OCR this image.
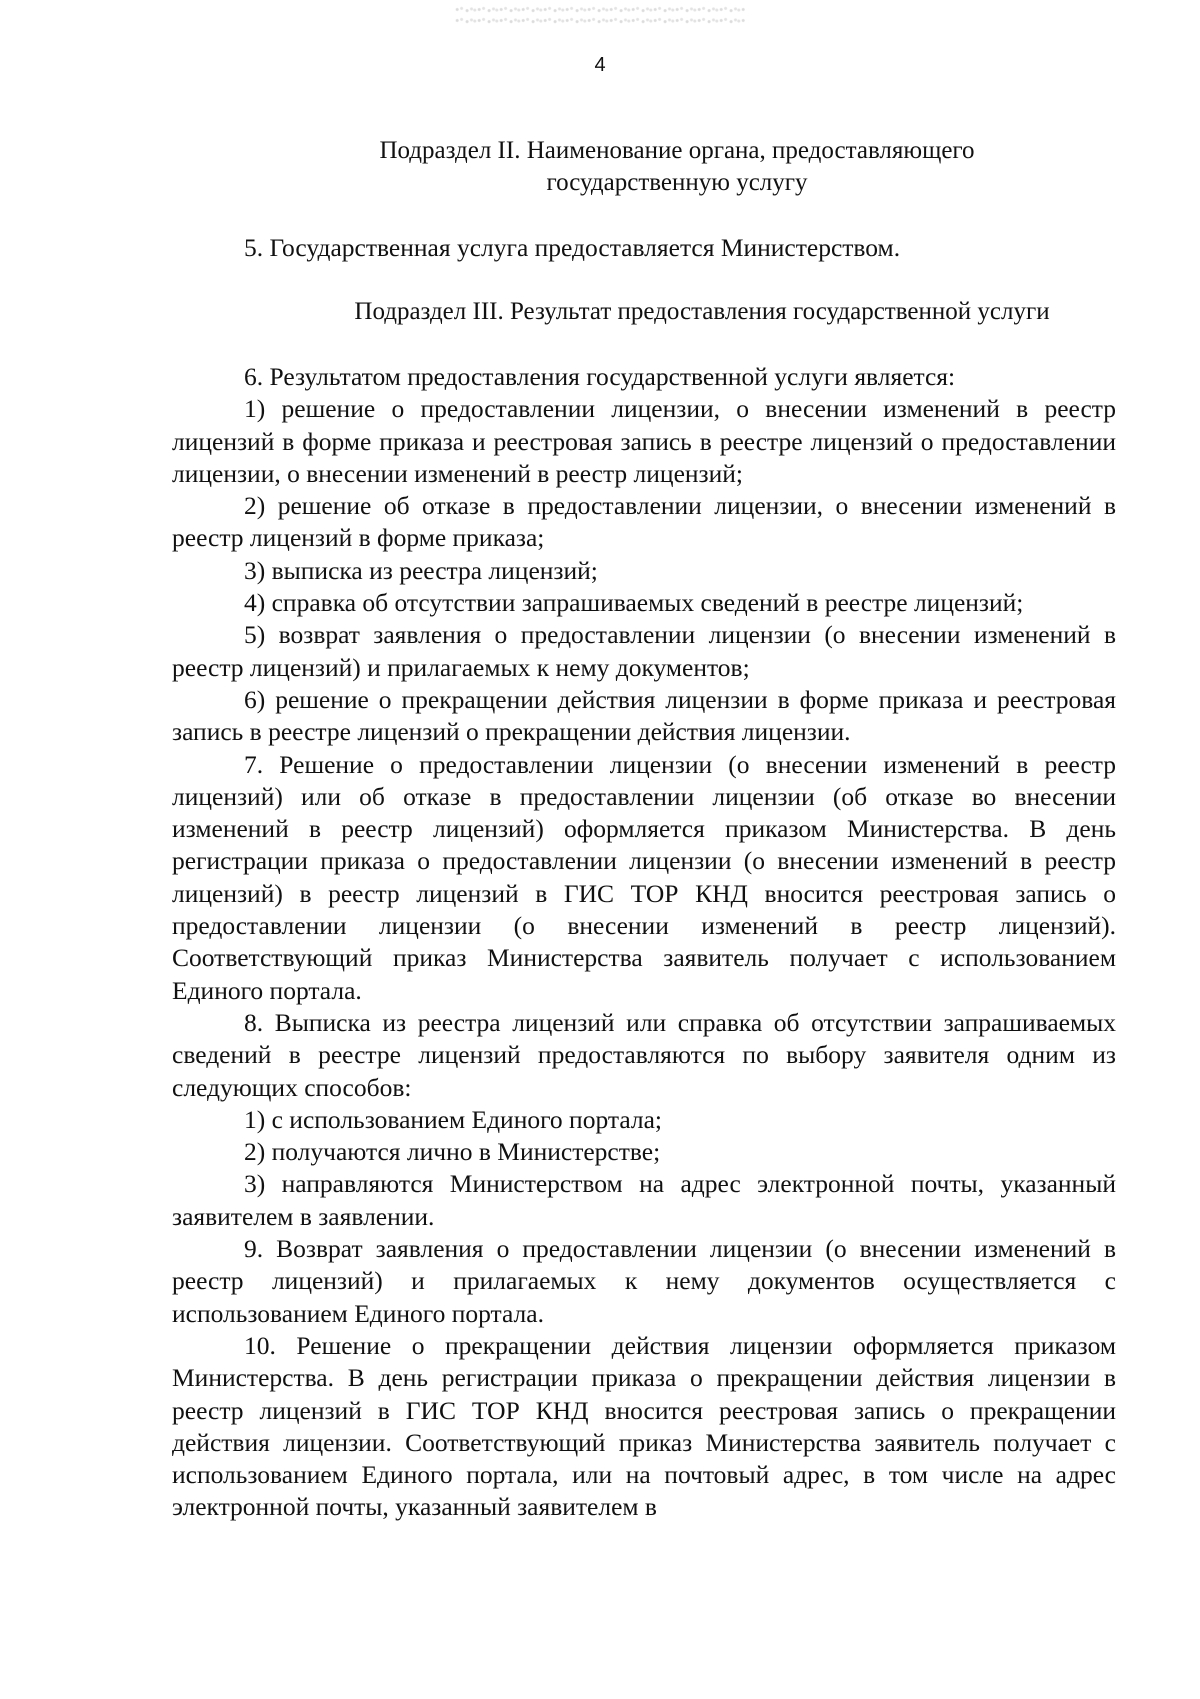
4
Подраздел II. Наименование органа, предоставляющего
государственную услугу

5. Государственная услуга предоставляется Министерством.

Подраздел III. Результат предоставления государственной услуги

6. Результатом предоставления государственной услуги является:

1) решение о предоставлении лицензии, о внесении изменений в реестр лицензий в форме приказа и реестровая запись в реестре лицензий о предоставлении лицензии, о внесении изменений в реестр лицензий;

2) решение об отказе в предоставлении лицензии, о внесении изменений в реестр лицензий в форме приказа;

3) выписка из реестра лицензий;

4) справка об отсутствии запрашиваемых сведений в реестре лицензий;

5) возврат заявления о предоставлении лицензии (о внесении изменений в реестр лицензий) и прилагаемых к нему документов;

6) решение о прекращении действия лицензии в форме приказа и реестровая запись в реестре лицензий о прекращении действия лицензии.

7. Решение о предоставлении лицензии (о внесении изменений в реестр лицензий) или об отказе в предоставлении лицензии (об отказе во внесении изменений в реестр лицензий) оформляется приказом Министерства. В день регистрации приказа о предоставлении лицензии (о внесении изменений в реестр лицензий) в реестр лицензий в ГИС ТОР КНД вносится реестровая запись о предоставлении лицензии (о внесении изменений в реестр лицензий). Соответствующий приказ Министерства заявитель получает с использованием Единого портала.

8. Выписка из реестра лицензий или справка об отсутствии запрашиваемых сведений в реестре лицензий предоставляются по выбору заявителя одним из следующих способов:

1) с использованием Единого портала;

2) получаются лично в Министерстве;

3) направляются Министерством на адрес электронной почты, указанный заявителем в заявлении.

9. Возврат заявления о предоставлении лицензии (о внесении изменений в реестр лицензий) и прилагаемых к нему документов осуществляется с использованием Единого портала.

10. Решение о прекращении действия лицензии оформляется приказом Министерства. В день регистрации приказа о прекращении действия лицензии в реестр лицензий в ГИС ТОР КНД вносится реестровая запись о прекращении действия лицензии. Соответствующий приказ Министерства заявитель получает с использованием Единого портала, или на почтовый адрес, в том числе на адрес электронной почты, указанный заявителем в
